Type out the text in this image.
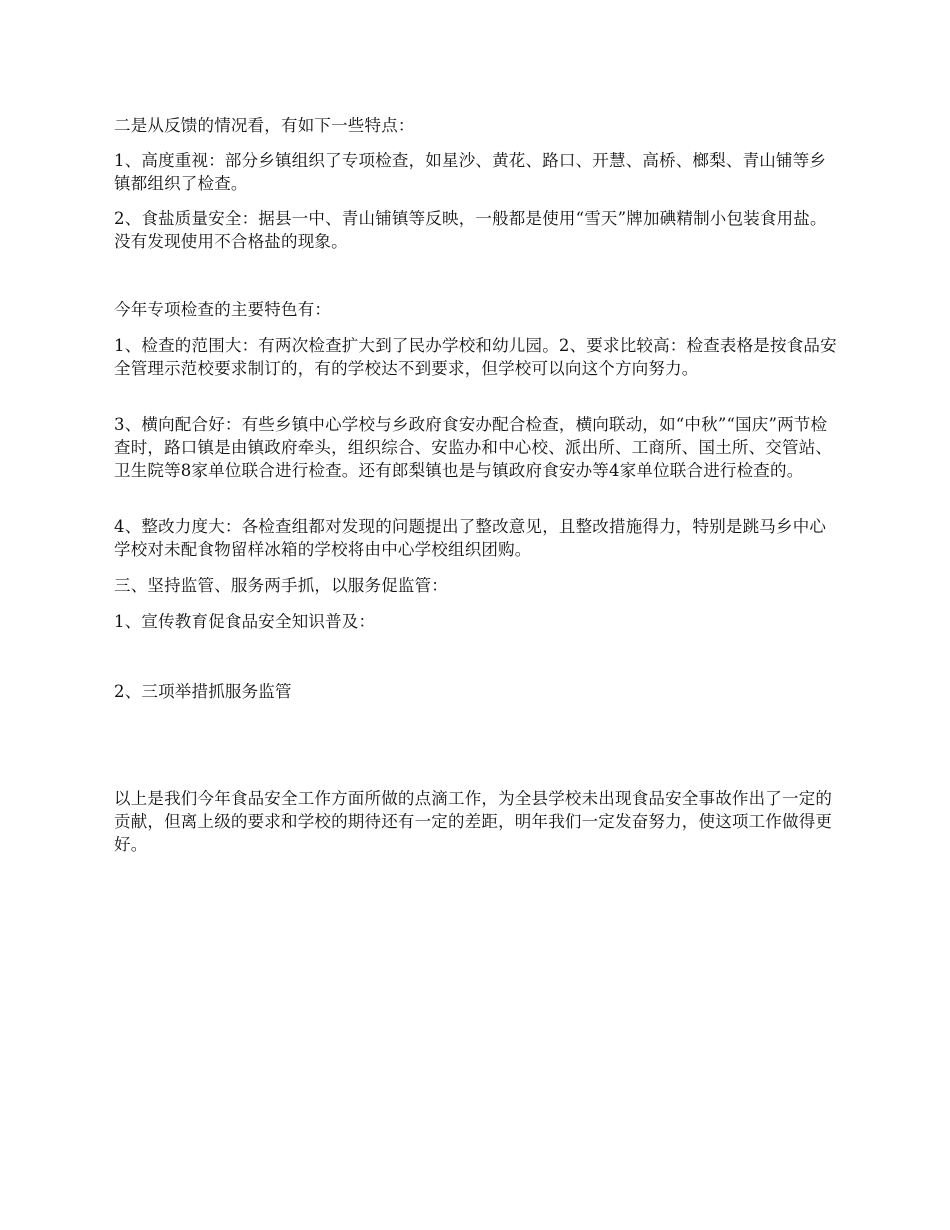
二是从反馈的情况看，有如下一些特点：

1、高度重视：部分乡镇组织了专项检查，如星沙、黄花、路口、开慧、高桥、榔梨、青山铺等乡镇都组织了检查。

2、食盐质量安全：据县一中、青山铺镇等反映，一般都是使用“雪天”牌加碘精制小包装食用盐。没有发现使用不合格盐的现象。

今年专项检查的主要特色有：

1、检查的范围大：有两次检查扩大到了民办学校和幼儿园。2、要求比较高：检查表格是按食品安全管理示范校要求制订的，有的学校达不到要求，但学校可以向这个方向努力。

3、横向配合好：有些乡镇中心学校与乡政府食安办配合检查，横向联动，如“中秋”“国庆”两节检查时，路口镇是由镇政府牵头，组织综合、安监办和中心校、派出所、工商所、国土所、交管站、卫生院等8家单位联合进行检查。还有郎梨镇也是与镇政府食安办等4家单位联合进行检查的。

4、整改力度大：各检查组都对发现的问题提出了整改意见，且整改措施得力，特别是跳马乡中心学校对未配食物留样冰箱的学校将由中心学校组织团购。

三、坚持监管、服务两手抓，以服务促监管：

1、宣传教育促食品安全知识普及：

2、三项举措抓服务监管

以上是我们今年食品安全工作方面所做的点滴工作，为全县学校未出现食品安全事故作出了一定的贡献，但离上级的要求和学校的期待还有一定的差距，明年我们一定发奋努力，使这项工作做得更好。
